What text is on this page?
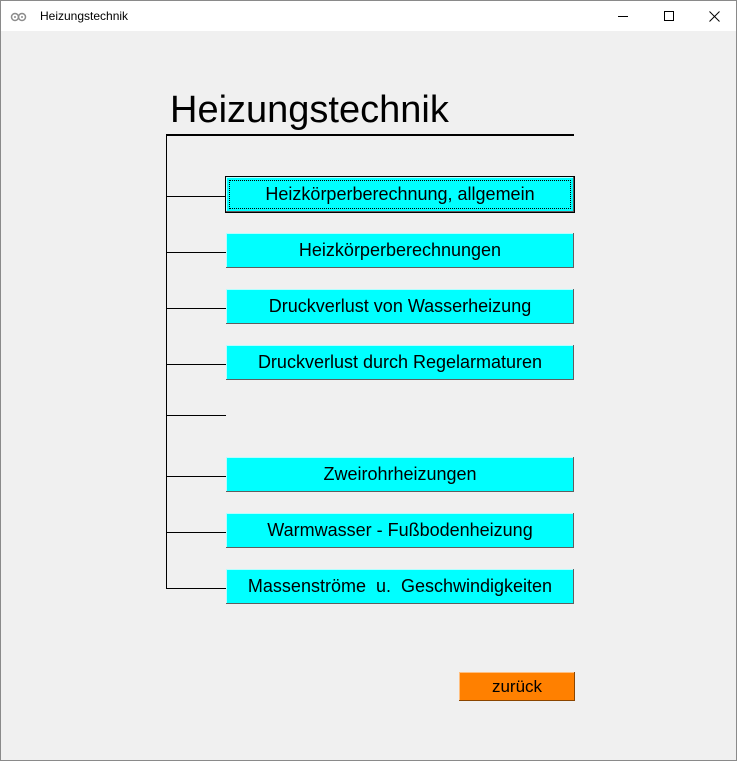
Heizungstechnik
Heizungstechnik
Heizkörperberechnung, allgemein
Heizkörperberechnungen
Druckverlust von Wasserheizung
Druckverlust durch Regelarmaturen
Zweirohrheizungen
Warmwasser - Fußbodenheizung
Massenströme  u.  Geschwindigkeiten
zurück
